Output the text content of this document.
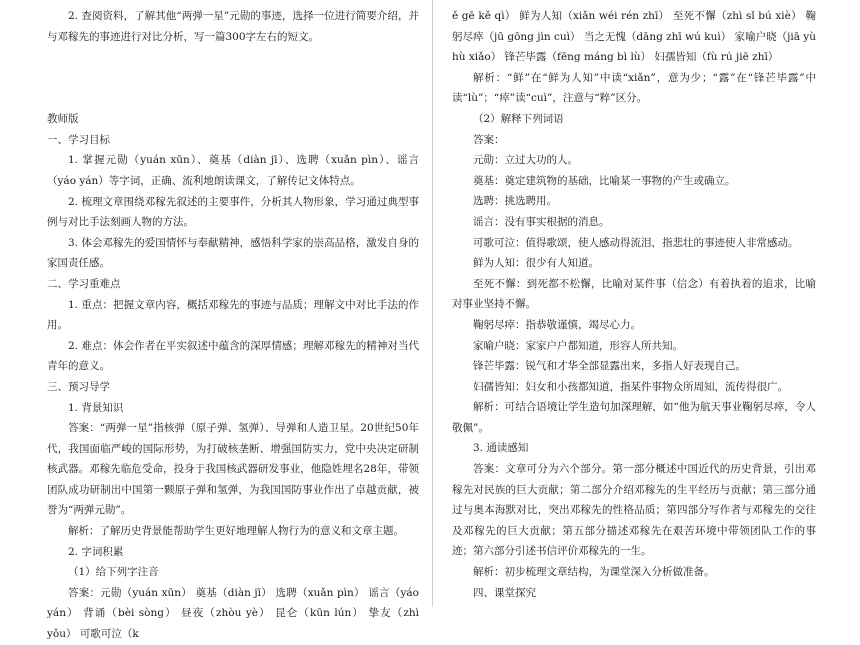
2. 查阅资料，了解其他“两弹一星”元勋的事迹，选择一位进行简要介绍，并与邓稼先的事迹进行对比分析，写一篇300字左右的短文。

教师版

一、学习目标

1. 掌握元勋（yuán xūn）、奠基（diàn jī）、选聘（xuǎn pìn）、谣言（yáo yán）等字词，正确、流利地朗读课文，了解传记文体特点。

2. 梳理文章围绕邓稼先叙述的主要事件，分析其人物形象，学习通过典型事例与对比手法刻画人物的方法。

3. 体会邓稼先的爱国情怀与奉献精神，感悟科学家的崇高品格，激发自身的家国责任感。

二、学习重难点

1. 重点：把握文章内容，概括邓稼先的事迹与品质；理解文中对比手法的作用。

2. 难点：体会作者在平实叙述中蕴含的深厚情感；理解邓稼先的精神对当代青年的意义。

三、预习导学

1. 背景知识

答案：“两弹一星”指核弹（原子弹、氢弹）、导弹和人造卫星。20世纪50年代，我国面临严峻的国际形势，为打破核垄断、增强国防实力，党中央决定研制核武器。邓稼先临危受命，投身于我国核武器研发事业，他隐姓埋名28年，带领团队成功研制出中国第一颗原子弹和氢弹，为我国国防事业作出了卓越贡献，被誉为“两弹元勋”。

解析：了解历史背景能帮助学生更好地理解人物行为的意义和文章主题。

2. 字词积累

（1）给下列字注音

答案：元勋（yuán xūn） 奠基（diàn jī） 选聘（xuǎn pìn） 谣言（yáo yán） 背诵（bèi sòng） 昼夜（zhòu yè） 昆仑（kūn lún） 挚友（zhì yǒu） 可歌可泣（k

ě gē kě qì） 鲜为人知（xiǎn wéi rén zhī） 至死不懈（zhì sǐ bú xiè） 鞠躬尽瘁（jū gōng jìn cuì） 当之无愧（dāng zhī wú kuì） 家喻户晓（jiā yù hù xiǎo） 锋芒毕露（fēng máng bì lù） 妇孺皆知（fù rú jiē zhī）

解析：“鲜”在“鲜为人知”中读“xiǎn”，意为少；“露”在“锋芒毕露”中读“lù”；“瘁”读“cuì”，注意与“粹”区分。

（2）解释下列词语

答案：

元勋：立过大功的人。

奠基：奠定建筑物的基础，比喻某一事物的产生或确立。

选聘：挑选聘用。

谣言：没有事实根据的消息。

可歌可泣：值得歌颂，使人感动得流泪，指悲壮的事迹使人非常感动。

鲜为人知：很少有人知道。

至死不懈：到死都不松懈，比喻对某件事（信念）有着执着的追求，比喻对事业坚持不懈。

鞠躬尽瘁：指恭敬谨慎，竭尽心力。

家喻户晓：家家户户都知道，形容人所共知。

锋芒毕露：锐气和才华全部显露出来，多指人好表现自己。

妇孺皆知：妇女和小孩都知道，指某件事物众所周知，流传得很广。

解析：可结合语境让学生造句加深理解，如“他为航天事业鞠躬尽瘁，令人敬佩”。

3. 通读感知

答案：文章可分为六个部分。第一部分概述中国近代的历史背景，引出邓稼先对民族的巨大贡献；第二部分介绍邓稼先的生平经历与贡献；第三部分通过与奥本海默对比，突出邓稼先的性格品质；第四部分写作者与邓稼先的交往及邓稼先的巨大贡献；第五部分描述邓稼先在艰苦环境中带领团队工作的事迹；第六部分引述书信评价邓稼先的一生。

解析：初步梳理文章结构，为课堂深入分析做准备。

四、课堂探究
